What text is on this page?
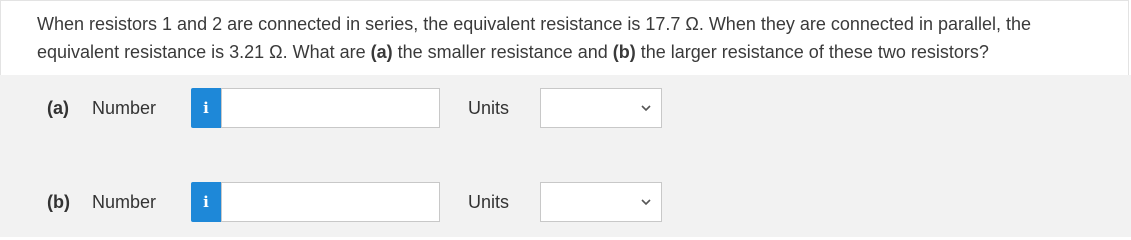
When resistors 1 and 2 are connected in series, the equivalent resistance is 17.7 Ω. When they are connected in parallel, the equivalent resistance is 3.21 Ω. What are (a) the smaller resistance and (b) the larger resistance of these two resistors?
(a) Number	i	Units
(b) Number	i	Units
